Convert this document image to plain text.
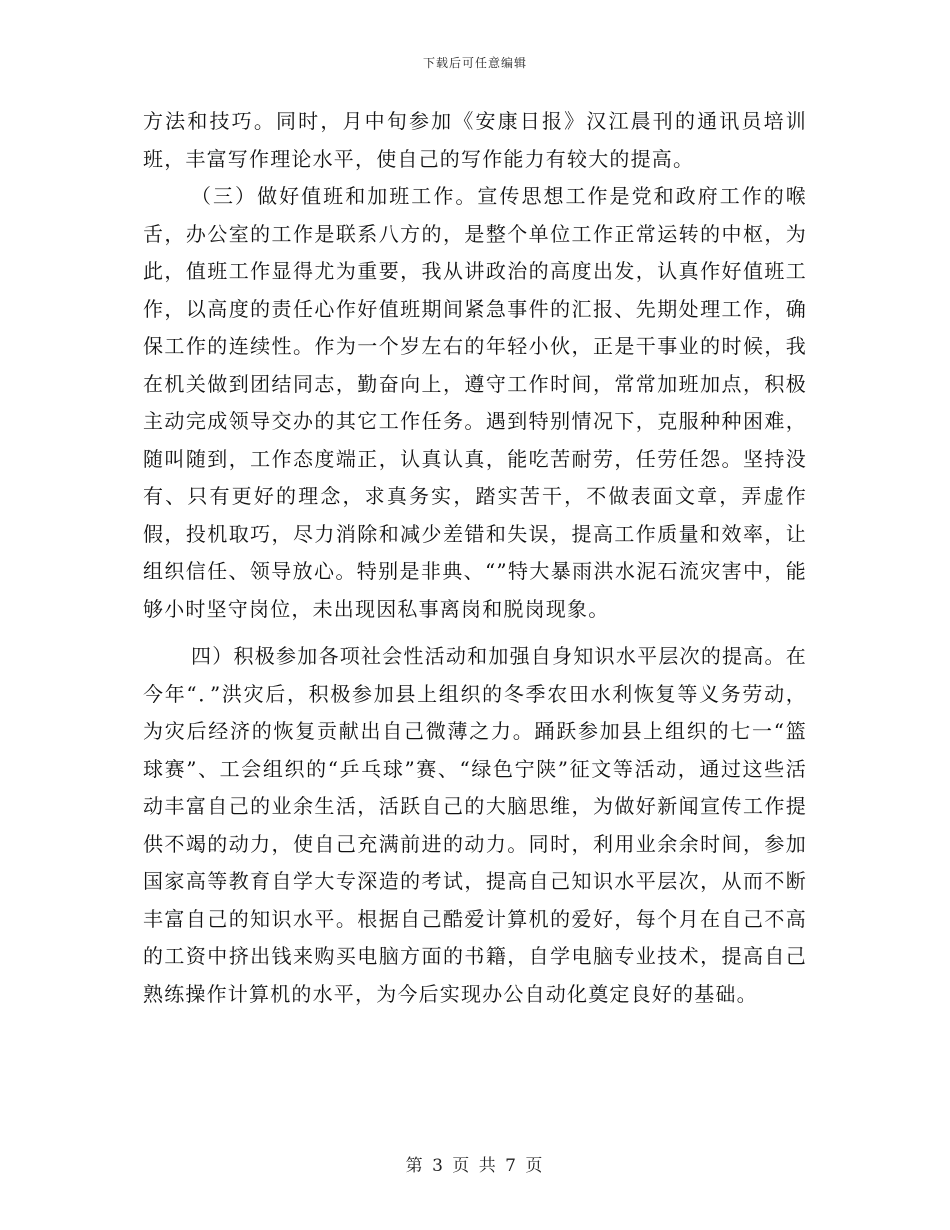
下载后可任意编辑

方法和技巧。同时，月中旬参加《安康日报》汉江晨刊的通讯员培训班，丰富写作理论水平，使自己的写作能力有较大的提高。

（三）做好值班和加班工作。宣传思想工作是党和政府工作的喉舌，办公室的工作是联系八方的，是整个单位工作正常运转的中枢，为此，值班工作显得尤为重要，我从讲政治的高度出发，认真作好值班工作，以高度的责任心作好值班期间紧急事件的汇报、先期处理工作，确保工作的连续性。作为一个岁左右的年轻小伙，正是干事业的时候，我在机关做到团结同志，勤奋向上，遵守工作时间，常常加班加点，积极主动完成领导交办的其它工作任务。遇到特别情况下，克服种种困难，随叫随到，工作态度端正，认真认真，能吃苦耐劳，任劳任怨。坚持没有、只有更好的理念，求真务实，踏实苦干，不做表面文章，弄虚作假，投机取巧，尽力消除和减少差错和失误，提高工作质量和效率，让组织信任、领导放心。特别是非典、“”特大暴雨洪水泥石流灾害中，能够小时坚守岗位，未出现因私事离岗和脱岗现象。

四）积极参加各项社会性活动和加强自身知识水平层次的提高。在今年“．”洪灾后，积极参加县上组织的冬季农田水利恢复等义务劳动，为灾后经济的恢复贡献出自己微薄之力。踊跃参加县上组织的七一“篮球赛”、工会组织的“乒乓球”赛、“绿色宁陕”征文等活动，通过这些活动丰富自己的业余生活，活跃自己的大脑思维，为做好新闻宣传工作提供不竭的动力，使自己充满前进的动力。同时，利用业余余时间，参加国家高等教育自学大专深造的考试，提高自己知识水平层次，从而不断丰富自己的知识水平。根据自己酷爱计算机的爱好，每个月在自己不高的工资中挤出钱来购买电脑方面的书籍，自学电脑专业技术，提高自己熟练操作计算机的水平，为今后实现办公自动化奠定良好的基础。

第 3 页 共 7 页
